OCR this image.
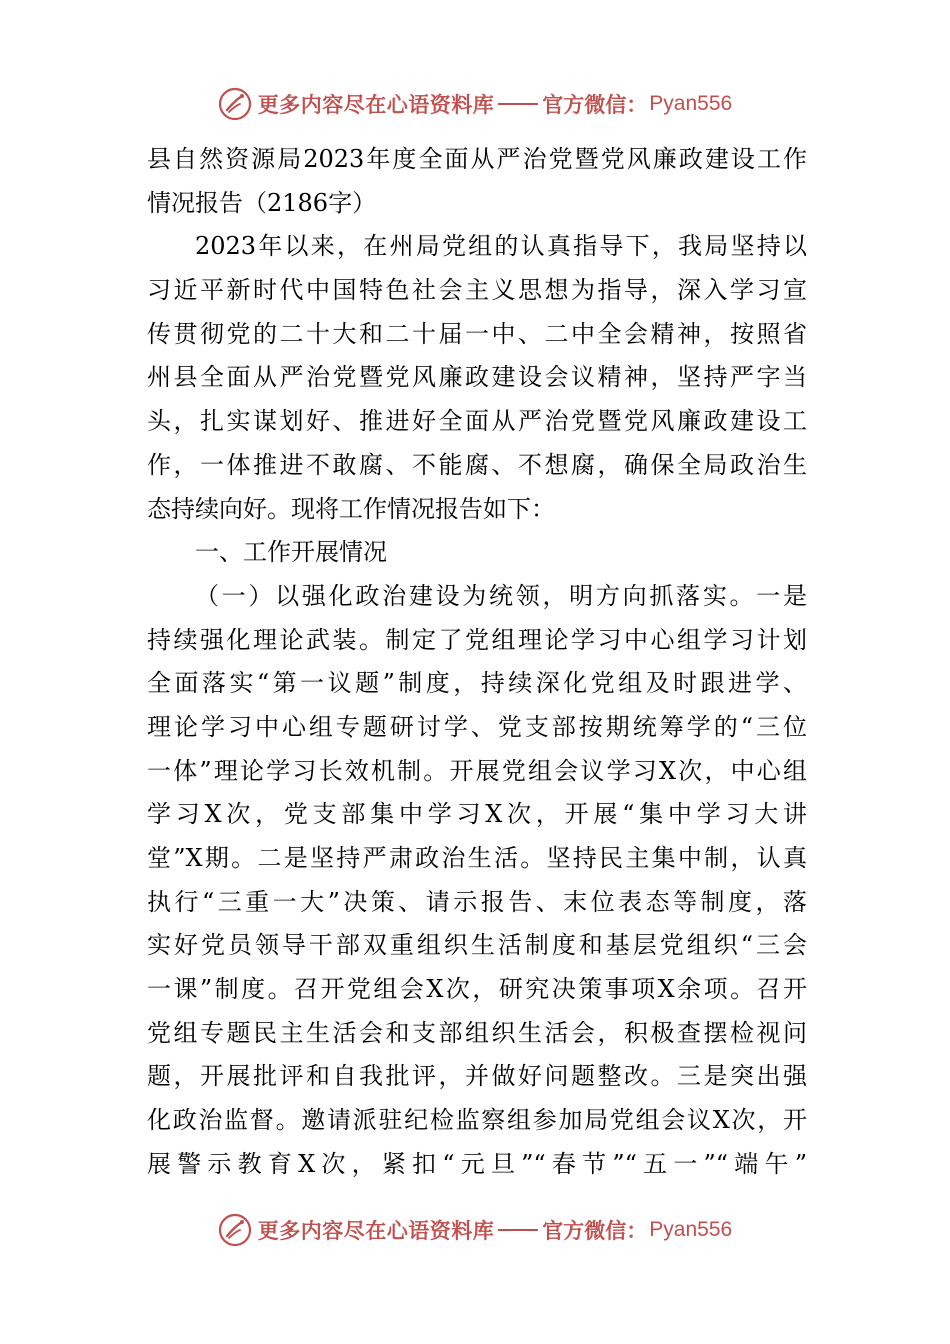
更多内容尽在心语资料库 官方微信： Pyan556
县自然资源局2023年度全面从严治党暨党风廉政建设工作
情况报告（2186字）
2023年以来，在州局党组的认真指导下，我局坚持以
习近平新时代中国特色社会主义思想为指导，深入学习宣
传贯彻党的二十大和二十届一中、二中全会精神，按照省
州县全面从严治党暨党风廉政建设会议精神，坚持严字当
头，扎实谋划好、推进好全面从严治党暨党风廉政建设工
作，一体推进不敢腐、不能腐、不想腐，确保全局政治生
态持续向好。现将工作情况报告如下：
一、工作开展情况
（一）以强化政治建设为统领，明方向抓落实。一是
持续强化理论武装。制定了党组理论学习中心组学习计划
全面落实“第一议题”制度，持续深化党组及时跟进学、
理论学习中心组专题研讨学、党支部按期统筹学的“三位
一体”理论学习长效机制。开展党组会议学习X次，中心组
学习X次，党支部集中学习X次，开展“集中学习大讲
堂”X期。二是坚持严肃政治生活。坚持民主集中制，认真
执行“三重一大”决策、请示报告、末位表态等制度，落
实好党员领导干部双重组织生活制度和基层党组织“三会
一课”制度。召开党组会X次，研究决策事项X余项。召开
党组专题民主生活会和支部组织生活会，积极查摆检视问
题，开展批评和自我批评，并做好问题整改。三是突出强
化政治监督。邀请派驻纪检监察组参加局党组会议X次，开
展警示教育X次，紧扣“元旦”“春节”“五一”“端午”
更多内容尽在心语资料库 官方微信： Pyan556
